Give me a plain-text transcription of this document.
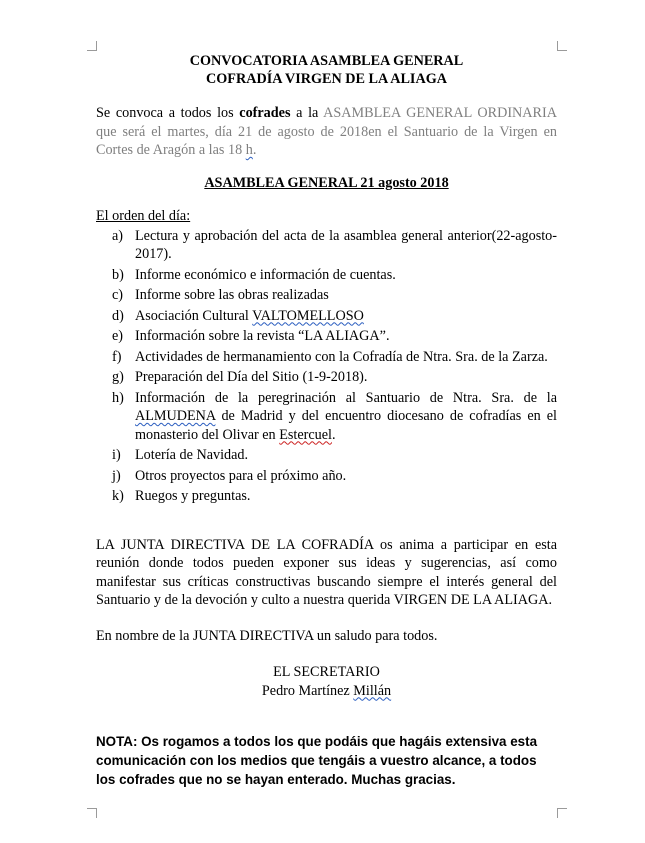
CONVOCATORIA ASAMBLEA GENERAL
COFRADÍA VIRGEN DE LA ALIAGA
Se convoca a todos los cofrades a la ASAMBLEA GENERAL ORDINARIA que será el martes, día 21 de agosto de 2018en el Santuario de la Virgen en Cortes de Aragón a las 18 h.
ASAMBLEA GENERAL 21 agosto 2018
El orden del día:
a) Lectura y aprobación del acta de la asamblea general anterior(22-agosto-2017).
b) Informe económico e información de cuentas.
c) Informe sobre las obras realizadas
d) Asociación Cultural VALTOMELLOSO
e) Información sobre la revista “LA ALIAGA”.
f) Actividades de hermanamiento con la Cofradía de Ntra. Sra. de la Zarza.
g) Preparación del Día del Sitio (1-9-2018).
h) Información de la peregrinación al Santuario de Ntra. Sra. de la ALMUDENA de Madrid y del encuentro diocesano de cofradías en el monasterio del Olivar en Estercuel.
i) Lotería de Navidad.
j) Otros proyectos para el próximo año.
k) Ruegos y preguntas.
LA JUNTA DIRECTIVA DE LA COFRADÍA os anima a participar en esta reunión donde todos pueden exponer sus ideas y sugerencias, así como manifestar sus críticas constructivas buscando siempre el interés general del Santuario y de la devoción y culto a nuestra querida VIRGEN DE LA ALIAGA.
En nombre de la JUNTA DIRECTIVA un saludo para todos.
EL SECRETARIO
Pedro Martínez Millán
NOTA: Os rogamos a todos los que podáis que hagáis extensiva esta comunicación con los medios que tengáis a vuestro alcance, a todos los cofrades que no se hayan enterado. Muchas gracias.
